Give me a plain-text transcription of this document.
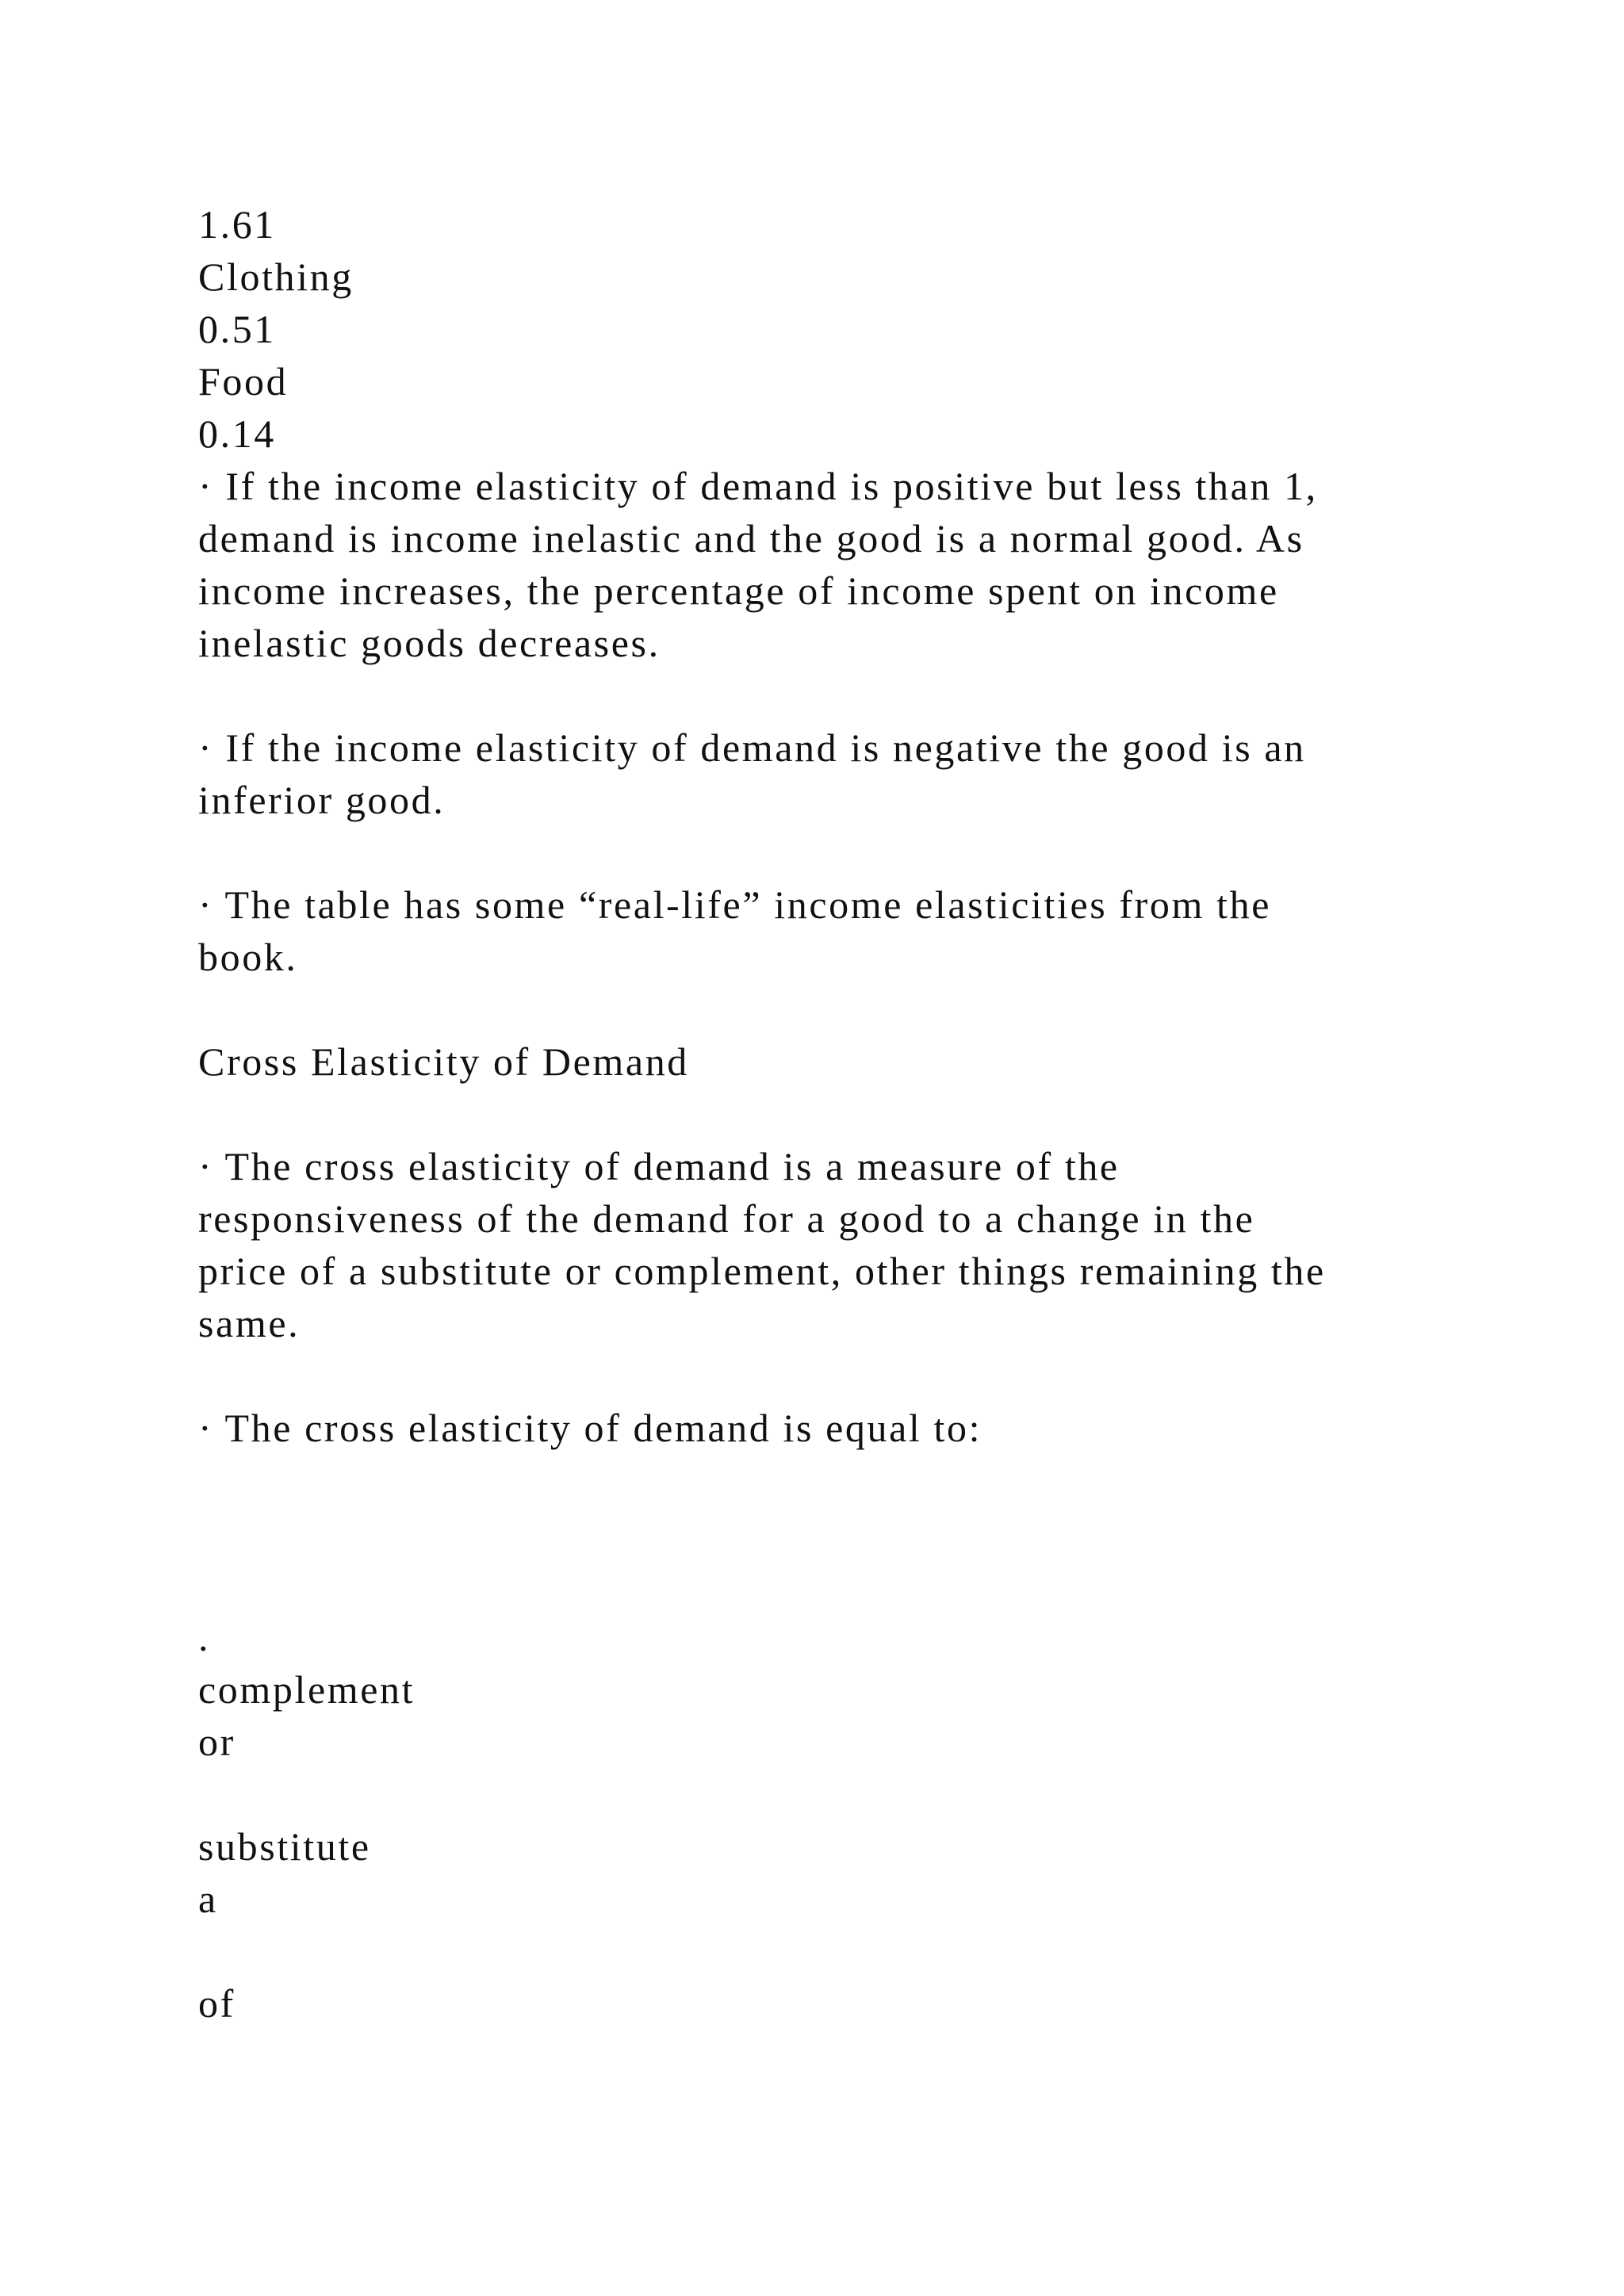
1.61

Clothing

0.51

Food

0.14

· If the income elasticity of demand is positive but less than 1,

demand is income inelastic and the good is a normal good. As

income increases, the percentage of income spent on income

inelastic goods decreases.

· If the income elasticity of demand is negative the good is an

inferior good.

· The table has some “real-life” income elasticities from the

book.

Cross Elasticity of Demand

· The cross elasticity of demand is a measure of the

responsiveness of the demand for a good to a change in the

price of a substitute or complement, other things remaining the

same.

· The cross elasticity of demand is equal to:

.

complement

or

substitute

a

of
